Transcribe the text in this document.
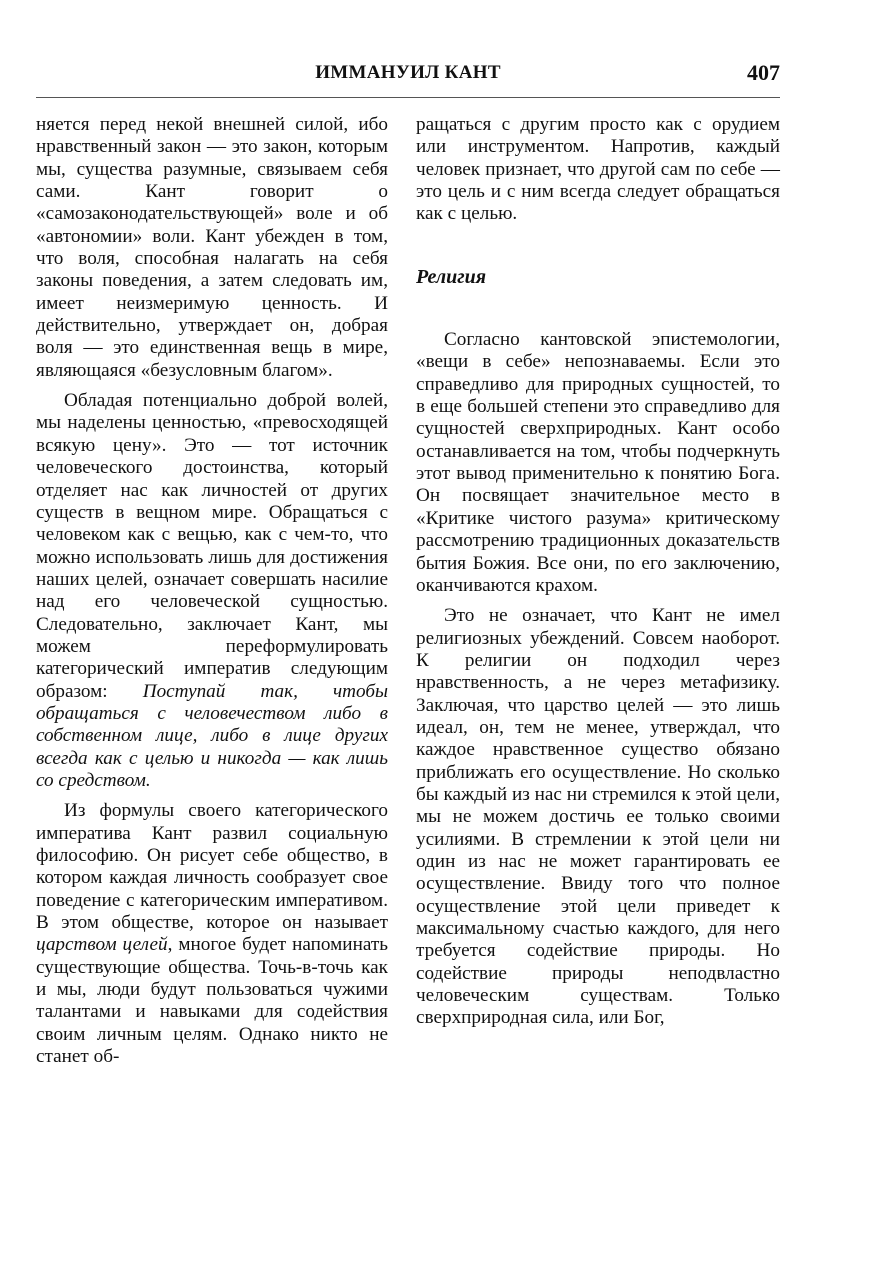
ИММАНУИЛ КАНТ	407

няется перед некой внешней силой, ибо нравственный закон — это закон, которым мы, существа разумные, связываем себя сами. Кант говорит о «самозаконодательствующей» воле и об «автономии» воли. Кант убежден в том, что воля, способная налагать на себя законы поведения, а затем следовать им, имеет неизмеримую ценность. И действительно, утверждает он, добрая воля — это единственная вещь в мире, являющаяся «безусловным благом».

Обладая потенциально доброй волей, мы наделены ценностью, «превосходящей всякую цену». Это — тот источник человеческого достоинства, который отделяет нас как личностей от других существ в вещном мире. Обращаться с человеком как с вещью, как с чем-то, что можно использовать лишь для достижения наших целей, означает совершать насилие над его человеческой сущностью. Следовательно, заключает Кант, мы можем переформулировать категорический императив следующим образом: Поступай так, чтобы обращаться с человечеством либо в собственном лице, либо в лице других всегда как с целью и никогда — как лишь со средством.

Из формулы своего категорического императива Кант развил социальную философию. Он рисует себе общество, в котором каждая личность сообразует свое поведение с категорическим императивом. В этом обществе, которое он называет царством целей, многое будет напоминать существующие общества. Точь-в-точь как и мы, люди будут пользоваться чужими талантами и навыками для содействия своим личным целям. Однако никто не станет об-

ращаться с другим просто как с орудием или инструментом. Напротив, каждый человек признает, что другой сам по себе — это цель и с ним всегда следует обращаться как с целью.

Религия

Согласно кантовской эпистемологии, «вещи в себе» непознаваемы. Если это справедливо для природных сущностей, то в еще большей степени это справедливо для сущностей сверхприродных. Кант особо останавливается на том, чтобы подчеркнуть этот вывод применительно к понятию Бога. Он посвящает значительное место в «Критике чистого разума» критическому рассмотрению традиционных доказательств бытия Божия. Все они, по его заключению, оканчиваются крахом.

Это не означает, что Кант не имел религиозных убеждений. Совсем наоборот. К религии он подходил через нравственность, а не через метафизику. Заключая, что царство целей — это лишь идеал, он, тем не менее, утверждал, что каждое нравственное существо обязано приближать его осуществление. Но сколько бы каждый из нас ни стремился к этой цели, мы не можем достичь ее только своими усилиями. В стремлении к этой цели ни один из нас не может гарантировать ее осуществление. Ввиду того что полное осуществление этой цели приведет к максимальному счастью каждого, для него требуется содействие природы. Но содействие природы неподвластно человеческим существам. Только сверхприродная сила, или Бог,
